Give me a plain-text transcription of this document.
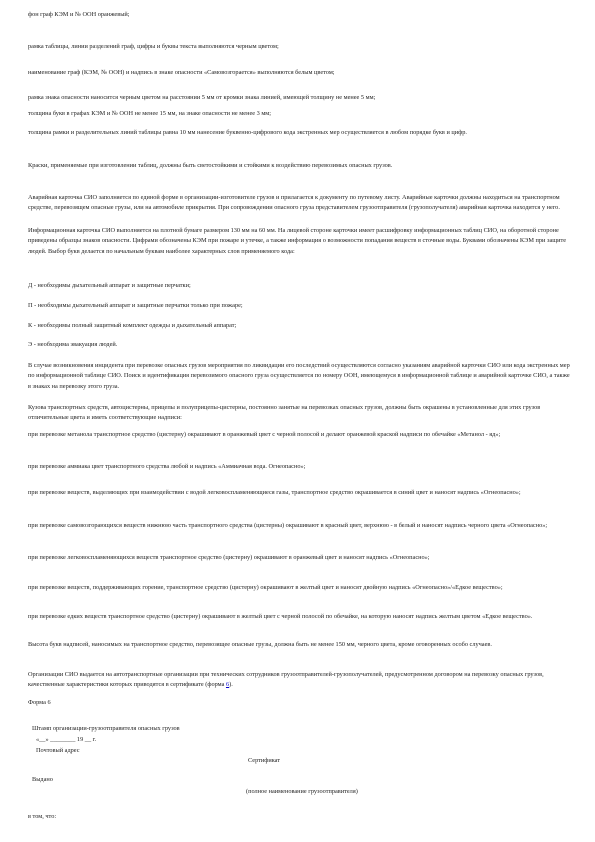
фон граф КЭМ и № ООН оранжевый;

рамка таблицы, линии разделений граф, цифры и буквы текста выполняются черным цветом;

наименование граф (КЭМ, № ООН) и надпись в знаке опасности «Самовозгорается» выполняются белым цветом;

рамка знака опасности наносится черным цветом на расстоянии 5 мм от кромки знака линией, имеющей толщину не менее 5 мм;

толщина букв в графах КЭМ и № ООН не менее 15 мм, на знаке опасности не менее 3 мм;

толщина рамки и разделительных линий таблицы равна 10 мм нанесение буквенно-цифрового кода экстренных мер осуществляется в любом порядке букв и цифр.

Краски, применяемые при изготовлении таблиц, должны быть светостойкими и стойкими к воздействию перевозимых опасных грузов.

Аварийная карточка СИО заполняется по единой форме в организации-изготовителе грузов и прилагается к документу по путевому листу. Аварийные карточки должны находиться на транспортном средстве, перевозящем опасные грузы, или на автомобиле прикрытия. При сопровождении опасного груза представителем грузоотправителя (грузополучателя) аварийная карточка находится у него.

Информационная карточка СИО выполняется на плотной бумаге размером 130 мм на 60 мм. На лицевой стороне карточки имеет расшифровку информационных таблиц СИО, на оборотной стороне приведены образцы знаков опасности. Цифрами обозначены КЭМ при пожаре и утечке, а также информация о возможности попадания веществ в сточные воды. Буквами обозначены КЭМ при защите людей. Выбор букв делается по начальным буквам наиболее характерных слов применяемого кода:

Д - необходимы дыхательный аппарат и защитные перчатки;

П - необходимы дыхательный аппарат и защитные перчатки только при пожаре;

К - необходимы полный защитный комплект одежды и дыхательный аппарат;

Э - необходима эвакуация людей.

В случае возникновения инцидента при перевозке опасных грузов мероприятия по ликвидации его последствий осуществляются согласно указаниям аварийной карточки СИО или кода экстренных мер по информационной таблице СИО. Поиск и идентификация перевозимого опасного груза осуществляется по номеру ООН, имеющемуся в информационной таблице и аварийной карточке СИО, а также в знаках на перевозку этого груза.

Кузова транспортных средств, автоцистерны, прицепы и полуприцепы-цистерны, постоянно занятые на перевозках опасных грузов, должны быть окрашены в установленные для этих грузов отличительные цвета и иметь соответствующие надписи:

при перевозке метанола транспортное средство (цистерну) окрашивают в оранжевый цвет с черной полосой и делают оранжевой краской надписи по обечайке «Метанол - яд»;

при перевозке аммиака цвет транспортного средства любой и надпись «Аммиачная вода. Огнеопасно»;

при перевозке веществ, выделяющих при взаимодействии с водой легковоспламеняющиеся газы, транспортное средство окрашивается в синий цвет и наносят надпись «Огнеопасно»;

при перевозке самовозгорающихся веществ нижнюю часть транспортного средства (цистерны) окрашивают в красный цвет, верхнюю - в белый и наносят надпись черного цвета «Огнеопасно»;

при перевозке легковоспламеняющихся веществ транспортное средство (цистерну) окрашивают в оранжевый цвет и наносят надпись «Огнеопасно»;

при перевозке веществ, поддерживающих горение, транспортное средство (цистерну) окрашивают в желтый цвет и наносят двойную надпись «Огнеопасно»/«Едкое вещество»;

при перевозке едких веществ транспортное средство (цистерну) окрашивают в желтый цвет с черной полосой по обечайке, на которую наносят надпись желтым цветом «Едкое вещество».

Высота букв надписей, наносимых на транспортное средство, перевозящее опасные грузы, должна быть не менее 150 мм, черного цвета, кроме оговоренных особо случаев.

Организации СИО выдается на автотранспортные организации при технических сотрудников грузоотправителей-грузополучателей, предусмотренном договором на перевозку опасных грузов, качественные характеристики которых приводятся в сертификате (форма 6).

Форма 6
Штамп организации-грузоотправителя опасных грузов
«__» ________ 19 __ г.
Почтовый адрес
Сертификат
Выдано
(полное наименование грузоотправителя)
в том, что:
